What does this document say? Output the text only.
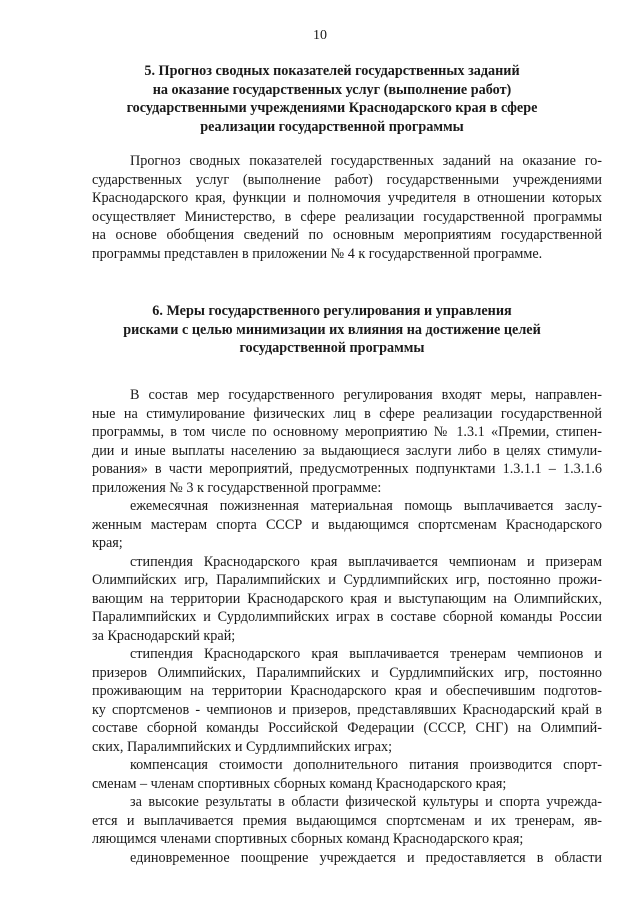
10
5. Прогноз сводных показателей государственных заданий
на оказание государственных услуг (выполнение работ)
государственными учреждениями Краснодарского края в сфере
реализации государственной программы
Прогноз сводных показателей государственных заданий на оказание го-
сударственных услуг (выполнение работ) государственными учреждениями
Краснодарского края, функции и полномочия учредителя в отношении которых
осуществляет Министерство, в сфере реализации государственной программы
на основе обобщения сведений по основным мероприятиям государственной
программы представлен в приложении № 4 к государственной программе.
6. Меры государственного регулирования и управления
рисками с целью минимизации их влияния на достижение целей
государственной программы
В состав мер государственного регулирования входят меры, направлен-
ные на стимулирование физических лиц в сфере реализации государственной
программы, в том числе по основному мероприятию № 1.3.1 «Премии, стипен-
дии и иные выплаты населению за выдающиеся заслуги либо в целях стимули-
рования» в части мероприятий, предусмотренных подпунктами 1.3.1.1 – 1.3.1.6
приложения № 3 к государственной программе:
ежемесячная пожизненная материальная помощь выплачивается заслу-
женным мастерам спорта СССР и выдающимся спортсменам Краснодарского
края;
стипендия Краснодарского края выплачивается чемпионам и призерам
Олимпийских игр, Паралимпийских и Сурдлимпийских игр, постоянно прожи-
вающим на территории Краснодарского края и выступающим на Олимпийских,
Паралимпийских и Сурдолимпийских играх в составе сборной команды России
за Краснодарский край;
стипендия Краснодарского края выплачивается тренерам чемпионов и
призеров Олимпийских, Паралимпийских и Сурдлимпийских игр, постоянно
проживающим на территории Краснодарского края и обеспечившим подготов-
ку спортсменов - чемпионов и призеров, представлявших Краснодарский край в
составе сборной команды Российской Федерации (СССР, СНГ) на Олимпий-
ских, Паралимпийских и Сурдлимпийских играх;
компенсация стоимости дополнительного питания производится спорт-
сменам – членам спортивных сборных команд Краснодарского края;
за высокие результаты в области физической культуры и спорта учрежда-
ется и выплачивается премия выдающимся спортсменам и их тренерам, яв-
ляющимся членами спортивных сборных команд Краснодарского края;
единовременное поощрение учреждается и предоставляется в области
